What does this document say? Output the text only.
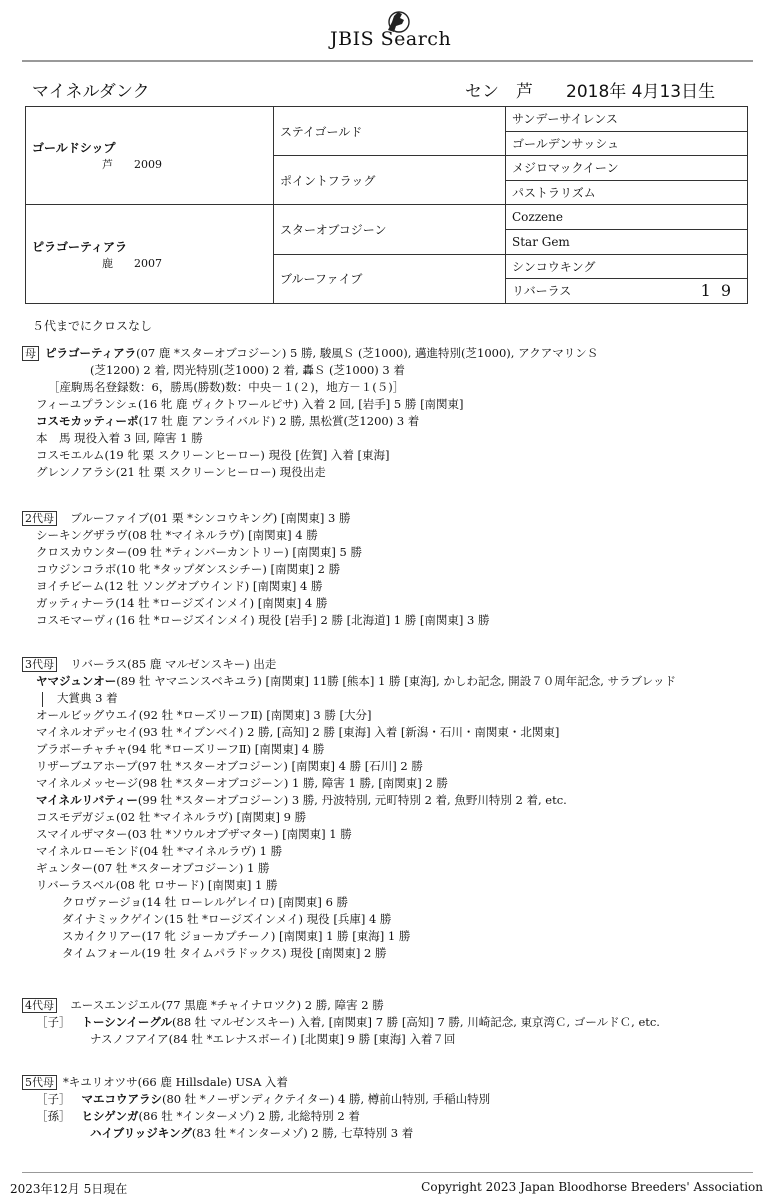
JBIS Search
マイネルダンク	セン 芦 2018年 4月13日生
ゴールドシップ
芦 2009	ステイゴールド	サンデーサイレンス
		ゴールデンサッシュ
	ポイントフラッグ	メジロマックイーン
		パストラリズム
ピラゴーティアラ
鹿 2007	スターオブコジーン	Cozzene
		Star Gem
	ブルーファイブ	シンコウキング
		リバーラス 19
５代までにクロスなし
母 ピラゴーティアラ(07 鹿 *スターオブコジーン) 5 勝, 駿風Ｓ (芝1000), 邁進特別(芝1000), アクアマリンＳ
(芝1200) 2 着, 閃光特別(芝1000) 2 着, 轟Ｓ (芝1000) 3 着
［産駒馬名登録数：6，勝馬(勝数)数：中央－１(２)，地方－１(５)］
フィーユプランシェ(16 牝 鹿 ヴィクトワールピサ) 入着 2 回, [岩手] 5 勝 [南関東]
コスモカッティーポ(17 牡 鹿 アンライバルド) 2 勝, 黒松賞(芝1200) 3 着
本　馬 現役入着 3 回, 障害 1 勝
コスモエルム(19 牝 栗 スクリーンヒーロー) 現役 [佐賀] 入着 [東海]
グレンノアラシ(21 牡 栗 スクリーンヒーロー) 現役出走
2代母 ブルーファイブ(01 栗 *シンコウキング) [南関東] 3 勝
シーキングザラヴ(08 牡 *マイネルラヴ) [南関東] 4 勝
クロスカウンター(09 牡 *ティンバーカントリー) [南関東] 5 勝
コウジンコラボ(10 牝 *タップダンスシチー) [南関東] 2 勝
ヨイチビーム(12 牡 ソングオブウインド) [南関東] 4 勝
ガッティナーラ(14 牡 *ロージズインメイ) [南関東] 4 勝
コスモマーヴィ(16 牡 *ロージズインメイ) 現役 [岩手] 2 勝 [北海道] 1 勝 [南関東] 3 勝
3代母 リバーラス(85 鹿 マルゼンスキー) 出走
ヤマジュンオー(89 牡 ヤマニンスベキユラ) [南関東] 11勝 [熊本] 1 勝 [東海], かしわ記念, 開設７０周年記念, サラブレッド
大賞典 3 着
オールビッグウエイ(92 牡 *ローズリーフⅡ) [南関東] 3 勝 [大分]
マイネルオデッセイ(93 牡 *イブンベイ) 2 勝, [高知] 2 勝 [東海] 入着 [新潟・石川・南関東・北関東]
ブラボーチャチャ(94 牝 *ローズリーフⅡ) [南関東] 4 勝
リザーブユアホープ(97 牡 *スターオブコジーン) [南関東] 4 勝 [石川] 2 勝
マイネルメッセージ(98 牡 *スターオブコジーン) 1 勝, 障害 1 勝, [南関東] 2 勝
マイネルリバティー(99 牡 *スターオブコジーン) 3 勝, 丹波特別, 元町特別 2 着, 魚野川特別 2 着, etc.
コスモデガジェ(02 牡 *マイネルラヴ) [南関東] 9 勝
スマイルザマター(03 牡 *ソウルオブザマター) [南関東] 1 勝
マイネルローモンド(04 牡 *マイネルラヴ) 1 勝
ギュンター(07 牡 *スターオブコジーン) 1 勝
リバーラスベル(08 牝 ロサード) [南関東] 1 勝
クロヴァージョ(14 牡 ローレルゲレイロ) [南関東] 6 勝
ダイナミックゲイン(15 牡 *ロージズインメイ) 現役 [兵庫] 4 勝
スカイクリアー(17 牝 ジョーカプチーノ) [南関東] 1 勝 [東海] 1 勝
タイムフォール(19 牡 タイムパラドックス) 現役 [南関東] 2 勝
4代母 エースエンジエル(77 黒鹿 *チャイナロツク) 2 勝, 障害 2 勝
［子］ トーシンイーグル(88 牡 マルゼンスキー) 入着, [南関東] 7 勝 [高知] 7 勝, 川崎記念, 東京湾Ｃ, ゴールドＣ, etc.
ナスノフアイア(84 牡 *エレナスボーイ) [北関東] 9 勝 [東海] 入着７回
5代母 *キユリオツサ(66 鹿 Hillsdale) USA 入着
［子］ マエコウアラシ(80 牡 *ノーザンディクテイター) 4 勝, 樽前山特別, 手稲山特別
［孫］ ヒシゲンガ(86 牡 *インターメゾ) 2 勝, 北総特別 2 着
ハイブリッジキング(83 牡 *インターメゾ) 2 勝, 七草特別 3 着
2023年12月 5日現在	Copyright 2023 Japan Bloodhorse Breeders' Association
